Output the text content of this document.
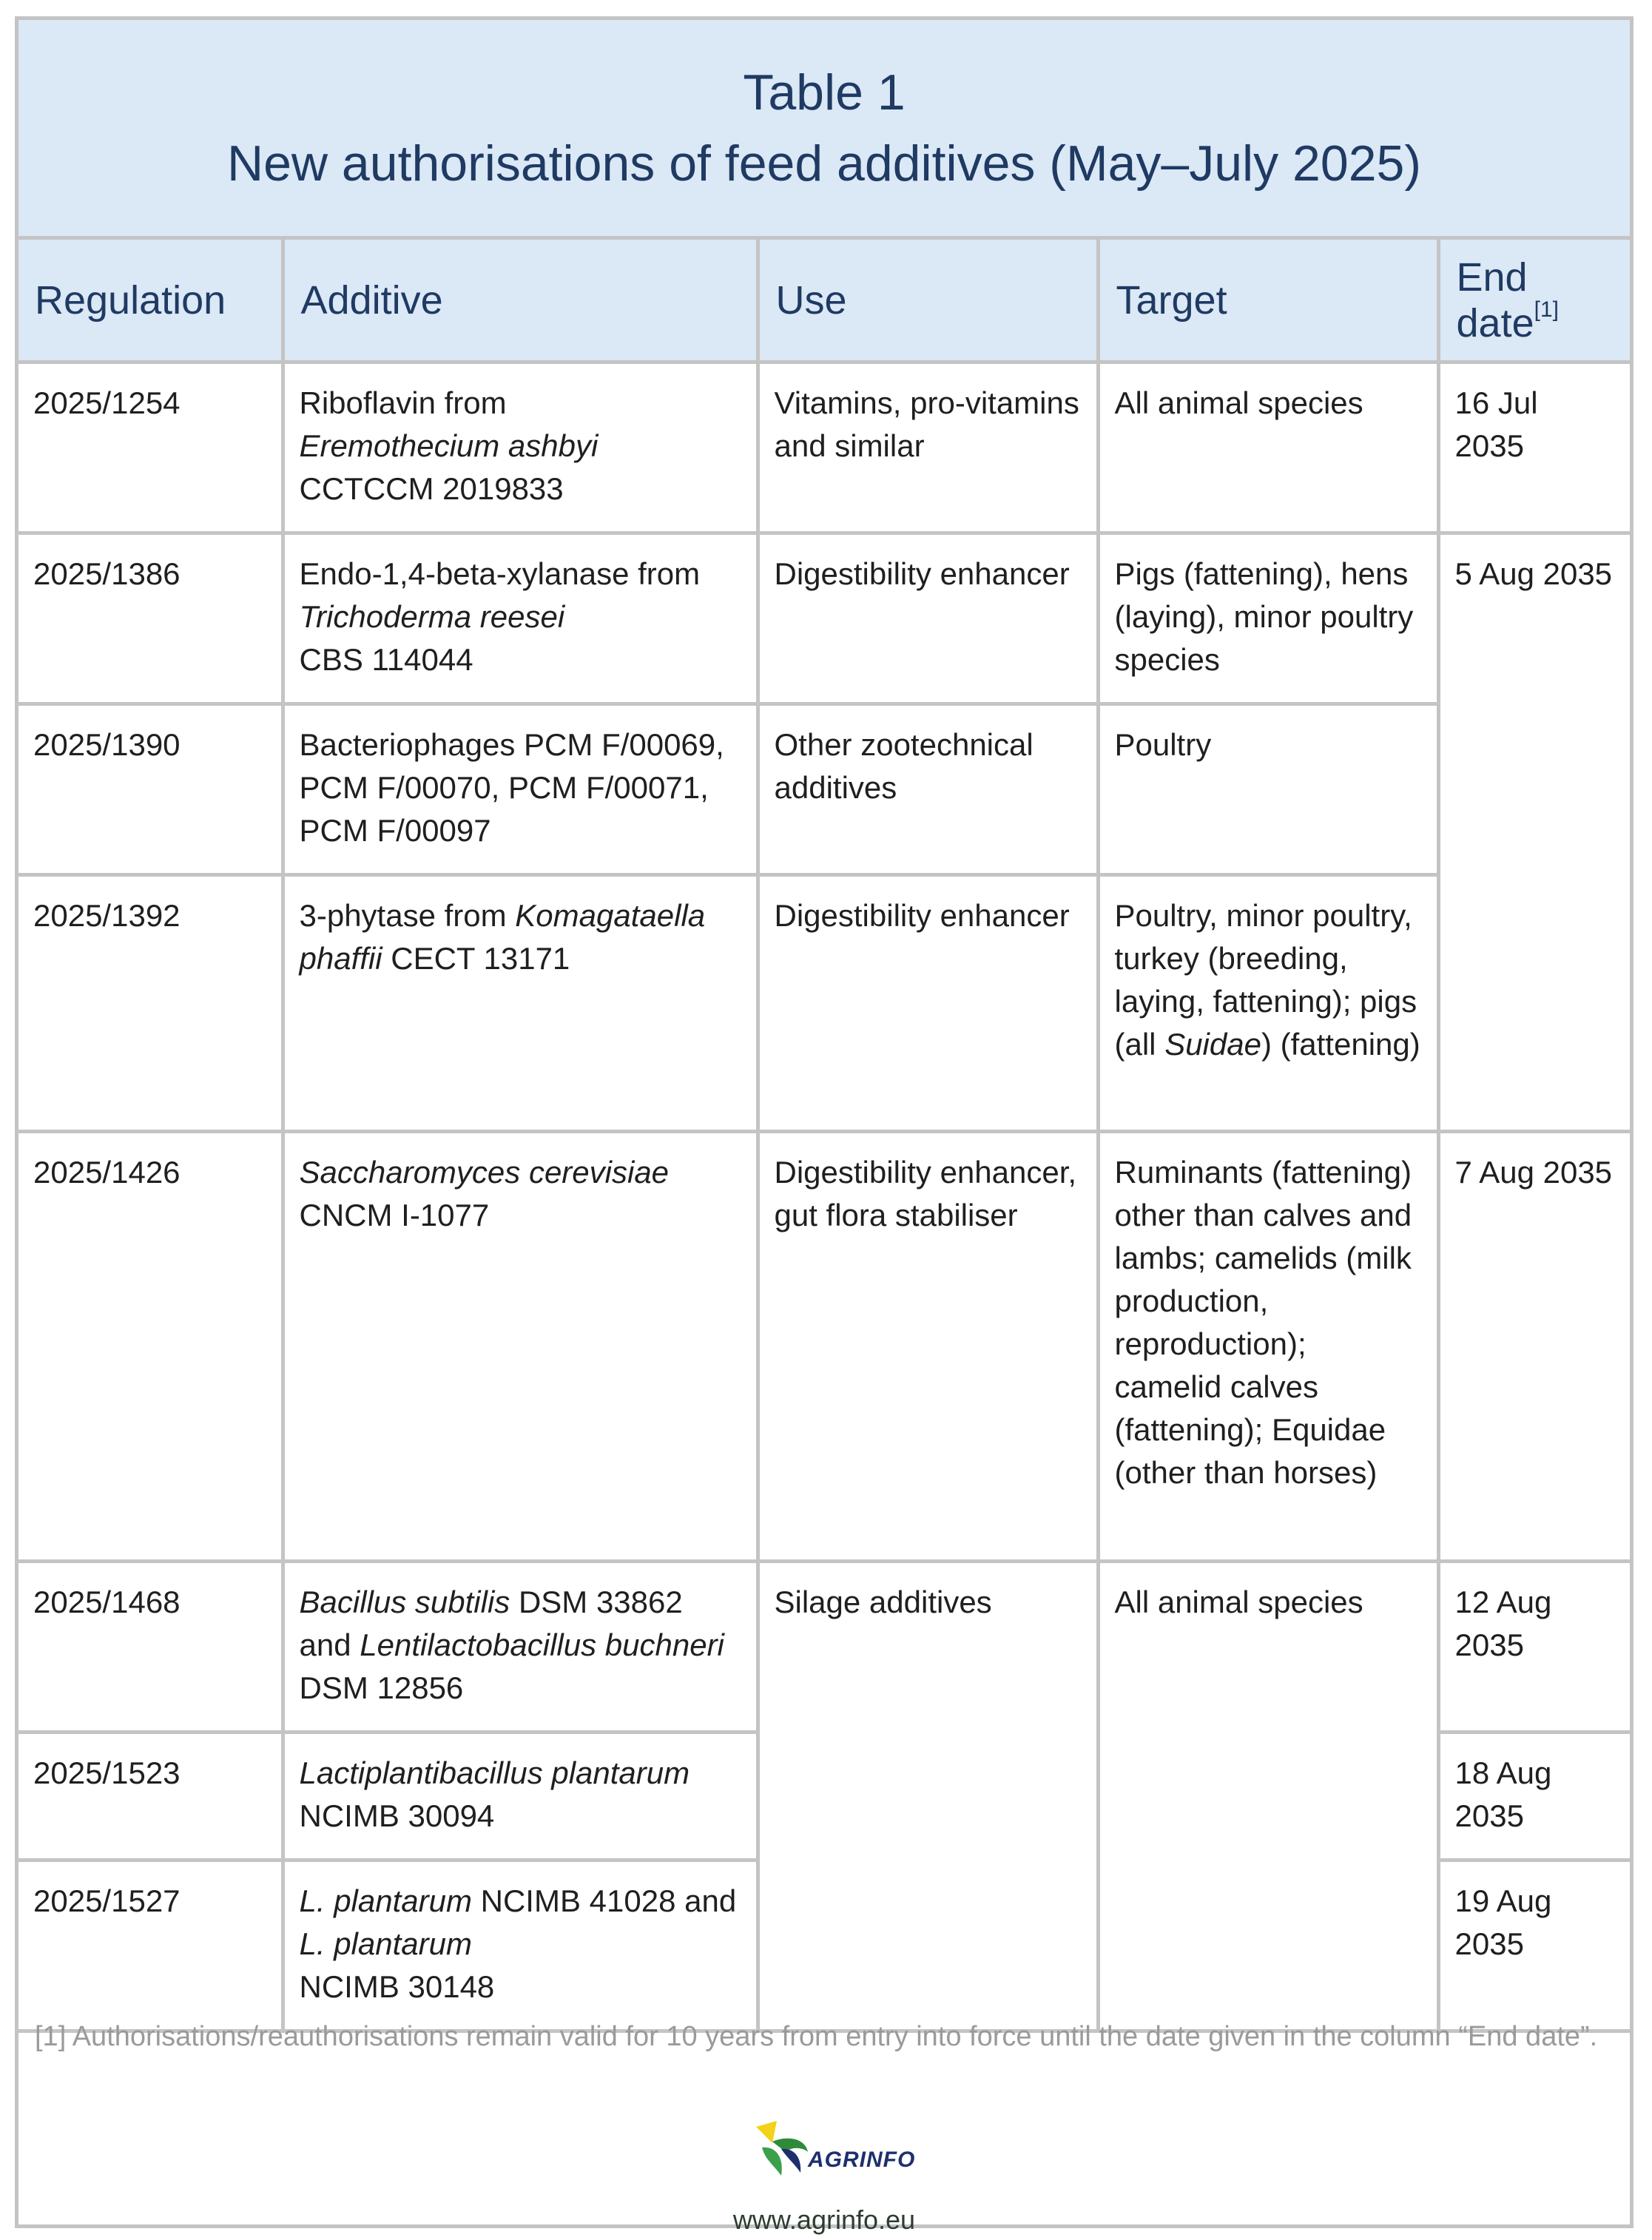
Table 1
New authorisations of feed additives (May–July 2025)
Regulation	Additive	Use	Target	End date[1]
2025/1254	Riboflavin from
Eremothecium ashbyi
CCTCCM 2019833	Vitamins, pro-vitamins and similar	All animal species	16 Jul 2035
2025/1386	Endo-1,4-beta-xylanase from
Trichoderma reesei
CBS 114044	Digestibility enhancer	Pigs (fattening), hens (laying), minor poultry species	5 Aug 2035
2025/1390	Bacteriophages PCM F/00069, PCM F/00070, PCM F/00071, PCM F/00097	Other zootechnical additives	Poultry	
2025/1392	3-phytase from Komagataella phaffii CECT 13171	Digestibility enhancer	Poultry, minor poultry, turkey (breeding, laying, fattening); pigs (all Suidae) (fattening)	
2025/1426	Saccharomyces cerevisiae
CNCM I-1077	Digestibility enhancer, gut flora stabiliser	Ruminants (fattening) other than calves and lambs; camelids (milk production, reproduction); camelid calves (fattening); Equidae (other than horses)	7 Aug 2035
2025/1468	Bacillus subtilis DSM 33862 and Lentilactobacillus buchneri DSM 12856	Silage additives	All animal species	12 Aug 2035
2025/1523	Lactiplantibacillus plantarum
NCIMB 30094			18 Aug 2035
2025/1527	L. plantarum NCIMB 41028 and L. plantarum
NCIMB 30148			19 Aug 2035
[1] Authorisations/reauthorisations remain valid for 10 years from entry into force until the date given in the column “End date”.
AGRINFO
www.agrinfo.eu
